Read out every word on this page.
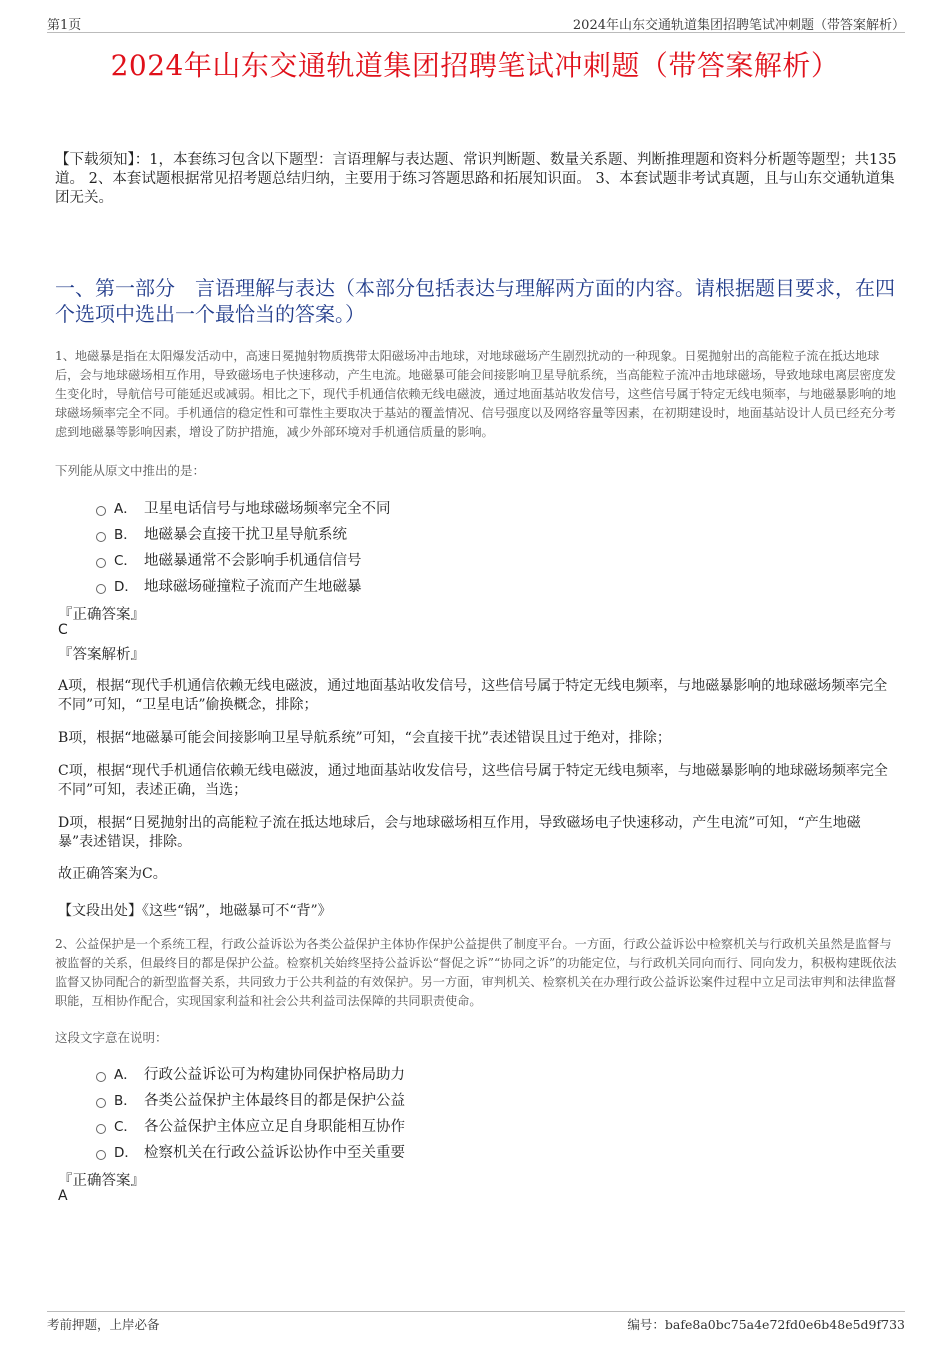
第1页	2024年山东交通轨道集团招聘笔试冲刺题（带答案解析）
2024年山东交通轨道集团招聘笔试冲刺题（带答案解析）
【下载须知】：1，本套练习包含以下题型：言语理解与表达题、常识判断题、数量关系题、判断推理题和资料分析题等题型；共135道。 2、本套试题根据常见招考题总结归纳，主要用于练习答题思路和拓展知识面。 3、本套试题非考试真题，且与山东交通轨道集团无关。
一、第一部分　言语理解与表达（本部分包括表达与理解两方面的内容。请根据题目要求，在四个选项中选出一个最恰当的答案。）
1、地磁暴是指在太阳爆发活动中，高速日冕抛射物质携带太阳磁场冲击地球，对地球磁场产生剧烈扰动的一种现象。日冕抛射出的高能粒子流在抵达地球后，会与地球磁场相互作用，导致磁场电子快速移动，产生电流。地磁暴可能会间接影响卫星导航系统，当高能粒子流冲击地球磁场，导致地球电离层密度发生变化时，导航信号可能延迟或减弱。相比之下，现代手机通信依赖无线电磁波，通过地面基站收发信号，这些信号属于特定无线电频率，与地磁暴影响的地球磁场频率完全不同。手机通信的稳定性和可靠性主要取决于基站的覆盖情况、信号强度以及网络容量等因素，在初期建设时，地面基站设计人员已经充分考虑到地磁暴等影响因素，增设了防护措施，减少外部环境对手机通信质量的影响。
下列能从原文中推出的是：
A． 卫星电话信号与地球磁场频率完全不同
B． 地磁暴会直接干扰卫星导航系统
C． 地磁暴通常不会影响手机通信信号
D． 地球磁场碰撞粒子流而产生地磁暴
『正确答案』
C
『答案解析』
A项，根据“现代手机通信依赖无线电磁波，通过地面基站收发信号，这些信号属于特定无线电频率，与地磁暴影响的地球磁场频率完全不同”可知，“卫星电话”偷换概念，排除；
B项，根据“地磁暴可能会间接影响卫星导航系统”可知，“会直接干扰”表述错误且过于绝对，排除；
C项，根据“现代手机通信依赖无线电磁波，通过地面基站收发信号，这些信号属于特定无线电频率，与地磁暴影响的地球磁场频率完全不同”可知，表述正确，当选；
D项，根据“日冕抛射出的高能粒子流在抵达地球后，会与地球磁场相互作用，导致磁场电子快速移动，产生电流”可知，“产生地磁暴”表述错误，排除。
故正确答案为C。
【文段出处】《这些“锅”，地磁暴可不“背”》
2、公益保护是一个系统工程，行政公益诉讼为各类公益保护主体协作保护公益提供了制度平台。一方面，行政公益诉讼中检察机关与行政机关虽然是监督与被监督的关系，但最终目的都是保护公益。检察机关始终坚持公益诉讼“督促之诉”“协同之诉”的功能定位，与行政机关同向而行、同向发力，积极构建既依法监督又协同配合的新型监督关系，共同致力于公共利益的有效保护。另一方面，审判机关、检察机关在办理行政公益诉讼案件过程中立足司法审判和法律监督职能，互相协作配合，实现国家利益和社会公共利益司法保障的共同职责使命。
这段文字意在说明：
A． 行政公益诉讼可为构建协同保护格局助力
B． 各类公益保护主体最终目的都是保护公益
C． 各公益保护主体应立足自身职能相互协作
D． 检察机关在行政公益诉讼协作中至关重要
『正确答案』
A
考前押题，上岸必备	编号：bafe8a0bc75a4e72fd0e6b48e5d9f733
